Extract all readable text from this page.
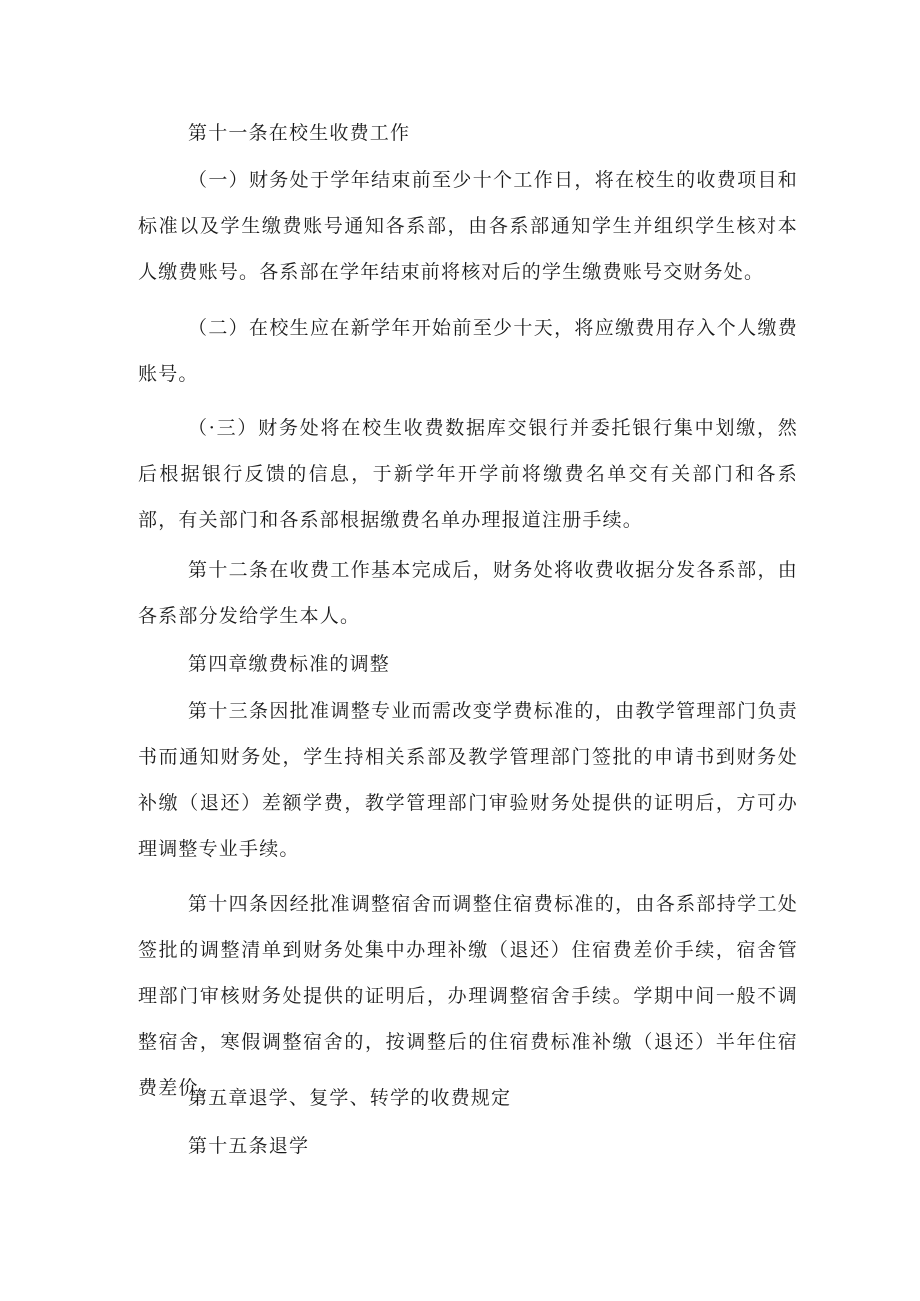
第十一条在校生收费工作

（一）财务处于学年结束前至少十个工作日，将在校生的收费项目和标准以及学生缴费账号通知各系部，由各系部通知学生并组织学生核对本人缴费账号。各系部在学年结束前将核对后的学生缴费账号交财务处。

（二）在校生应在新学年开始前至少十天，将应缴费用存入个人缴费账号。

（·三）财务处将在校生收费数据库交银行并委托银行集中划缴，然后根据银行反馈的信息，于新学年开学前将缴费名单交有关部门和各系部，有关部门和各系部根据缴费名单办理报道注册手续。

第十二条在收费工作基本完成后，财务处将收费收据分发各系部，由各系部分发给学生本人。

第四章缴费标准的调整

第十三条因批准调整专业而需改变学费标准的，由教学管理部门负责书而通知财务处，学生持相关系部及教学管理部门签批的申请书到财务处补缴（退还）差额学费，教学管理部门审验财务处提供的证明后，方可办理调整专业手续。

第十四条因经批准调整宿舍而调整住宿费标准的，由各系部持学工处签批的调整清单到财务处集中办理补缴（退还）住宿费差价手续，宿舍管理部门审核财务处提供的证明后，办理调整宿舍手续。学期中间一般不调整宿舍，寒假调整宿舍的，按调整后的住宿费标准补缴（退还）半年住宿费差价。

第五章退学、复学、转学的收费规定

第十五条退学
